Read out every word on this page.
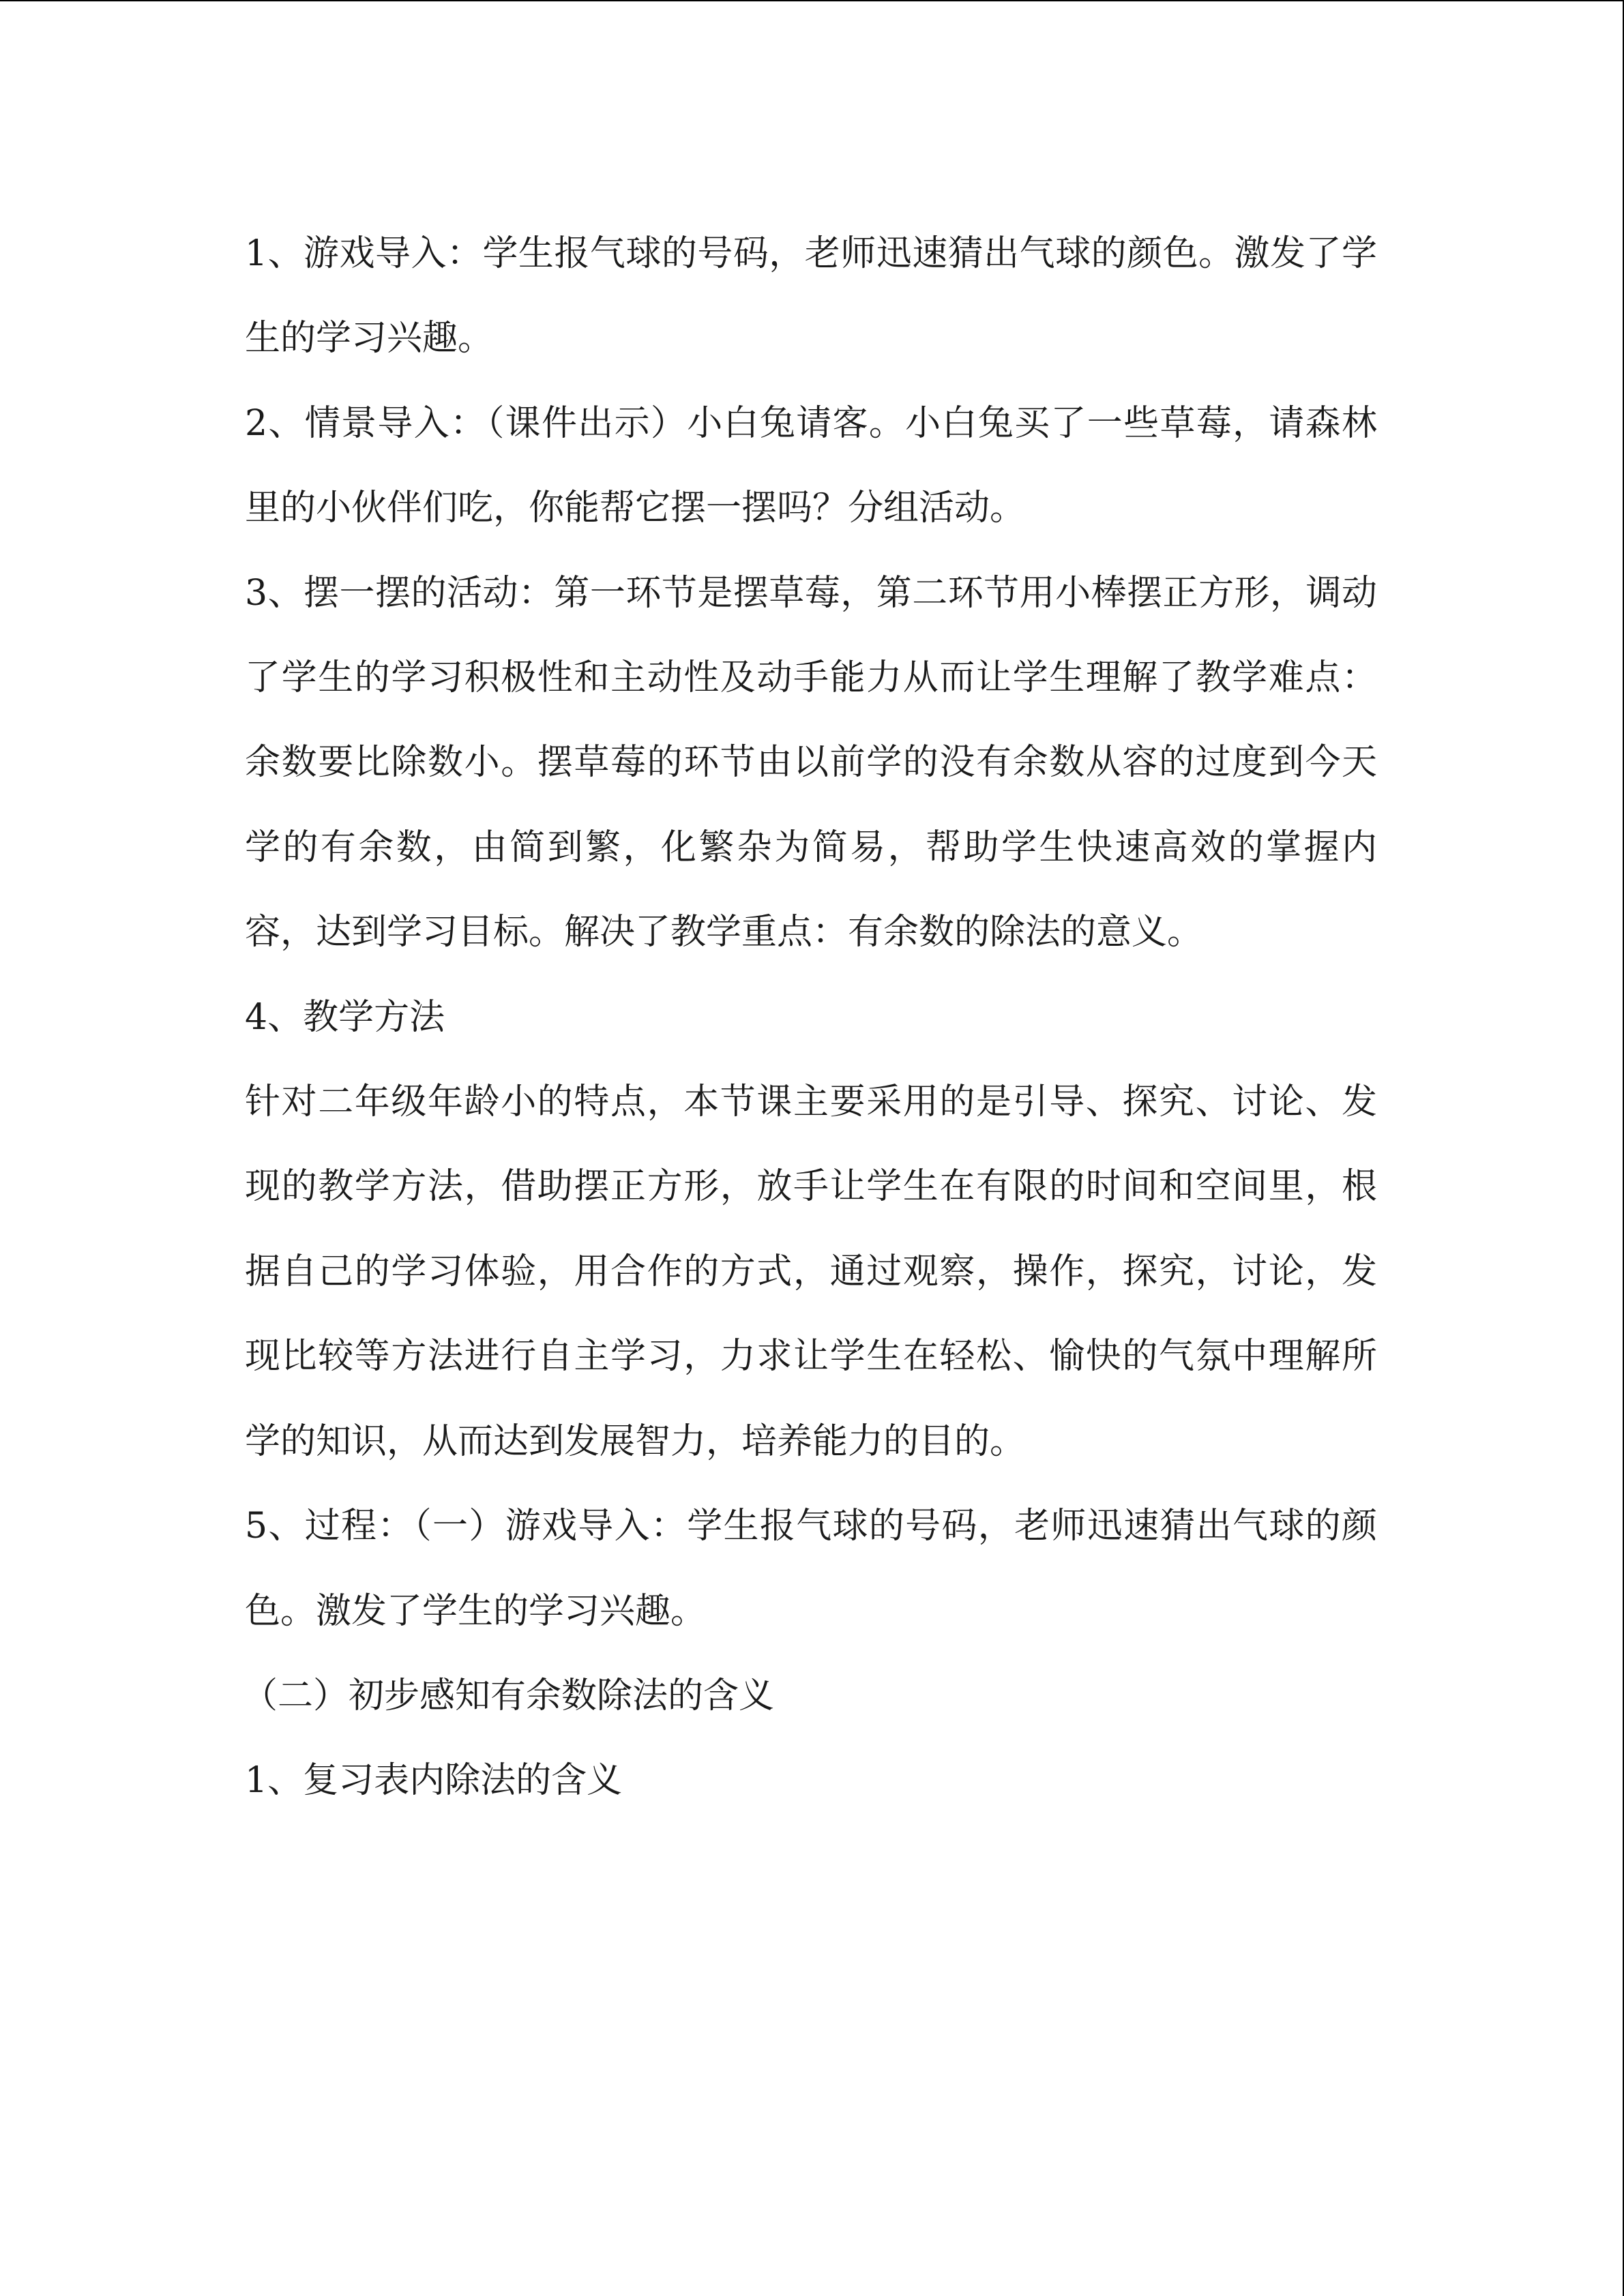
1、游戏导入：学生报气球的号码，老师迅速猜出气球的颜色。激发了学生的学习兴趣。

2、情景导入：（课件出示）小白兔请客。小白兔买了一些草莓，请森林里的小伙伴们吃，你能帮它摆一摆吗？分组活动。

3、摆一摆的活动：第一环节是摆草莓，第二环节用小棒摆正方形，调动了学生的学习积极性和主动性及动手能力从而让学生理解了教学难点：余数要比除数小。摆草莓的环节由以前学的没有余数从容的过度到今天学的有余数，由简到繁，化繁杂为简易，帮助学生快速高效的掌握内容，达到学习目标。解决了教学重点：有余数的除法的意义。

4、教学方法

针对二年级年龄小的特点，本节课主要采用的是引导、探究、讨论、发现的教学方法，借助摆正方形，放手让学生在有限的时间和空间里，根据自己的学习体验，用合作的方式，通过观察，操作，探究，讨论，发现比较等方法进行自主学习，力求让学生在轻松、愉快的气氛中理解所学的知识，从而达到发展智力，培养能力的目的。

5、过程：（一）游戏导入：学生报气球的号码，老师迅速猜出气球的颜色。激发了学生的学习兴趣。

（二）初步感知有余数除法的含义

1、复习表内除法的含义
